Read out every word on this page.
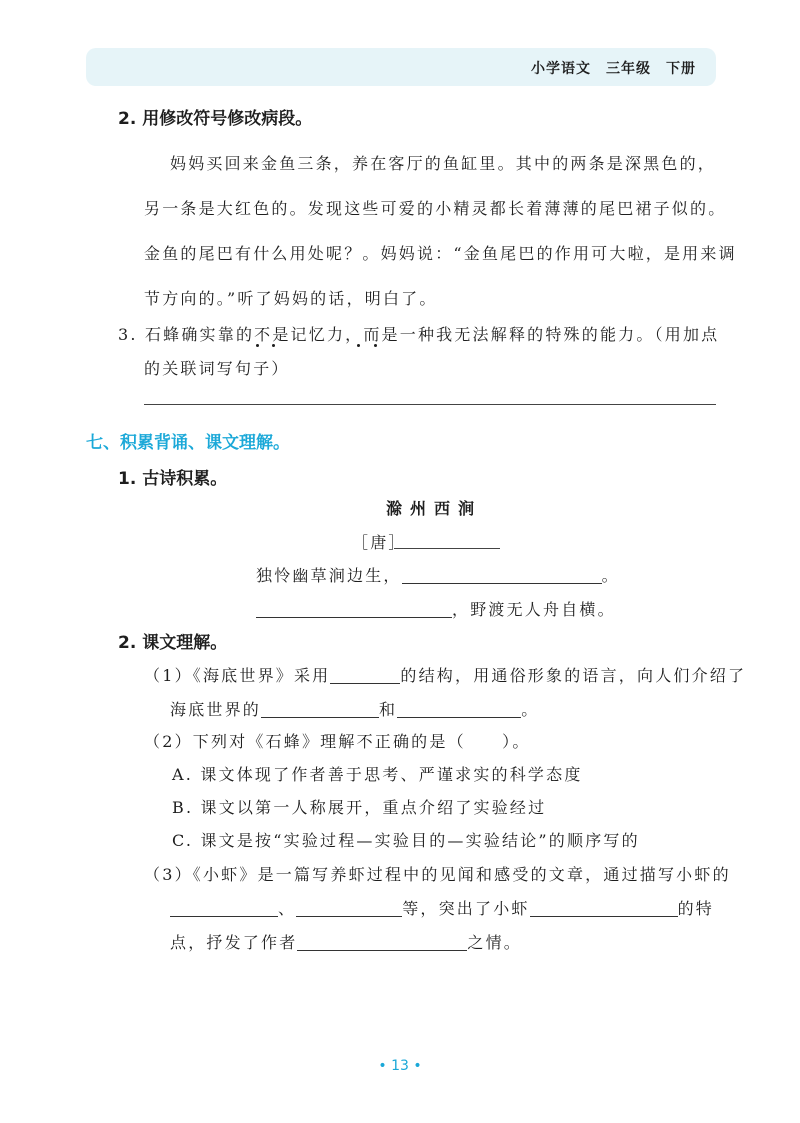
小学语文　三年级　下册
2. 用修改符号修改病段。
妈妈买回来金鱼三条，养在客厅的鱼缸里。其中的两条是深黑色的，
另一条是大红色的。发现这些可爱的小精灵都长着薄薄的尾巴裙子似的。
金鱼的尾巴有什么用处呢？。妈妈说：“金鱼尾巴的作用可大啦，是用来调
节方向的。”听了妈妈的话，明白了。
3. 石蜂确实靠的不是记忆力，而是一种我无法解释的特殊的能力。（用加点
的关联词写句子）
七、积累背诵、课文理解。
1. 古诗积累。
滁州西涧
［唐］
独怜幽草涧边生，	。
，野渡无人舟自横。
2. 课文理解。
（1）《海底世界》采用	的结构，用通俗形象的语言，向人们介绍了
海底世界的	和	。
（2）下列对《石蜂》理解不正确的是（　　）。
A. 课文体现了作者善于思考、严谨求实的科学态度
B. 课文以第一人称展开，重点介绍了实验经过
C. 课文是按“实验过程—实验目的—实验结论”的顺序写的
（3）《小虾》是一篇写养虾过程中的见闻和感受的文章，通过描写小虾的
、	等，突出了小虾	的特
点，抒发了作者	之情。
• 13 •
